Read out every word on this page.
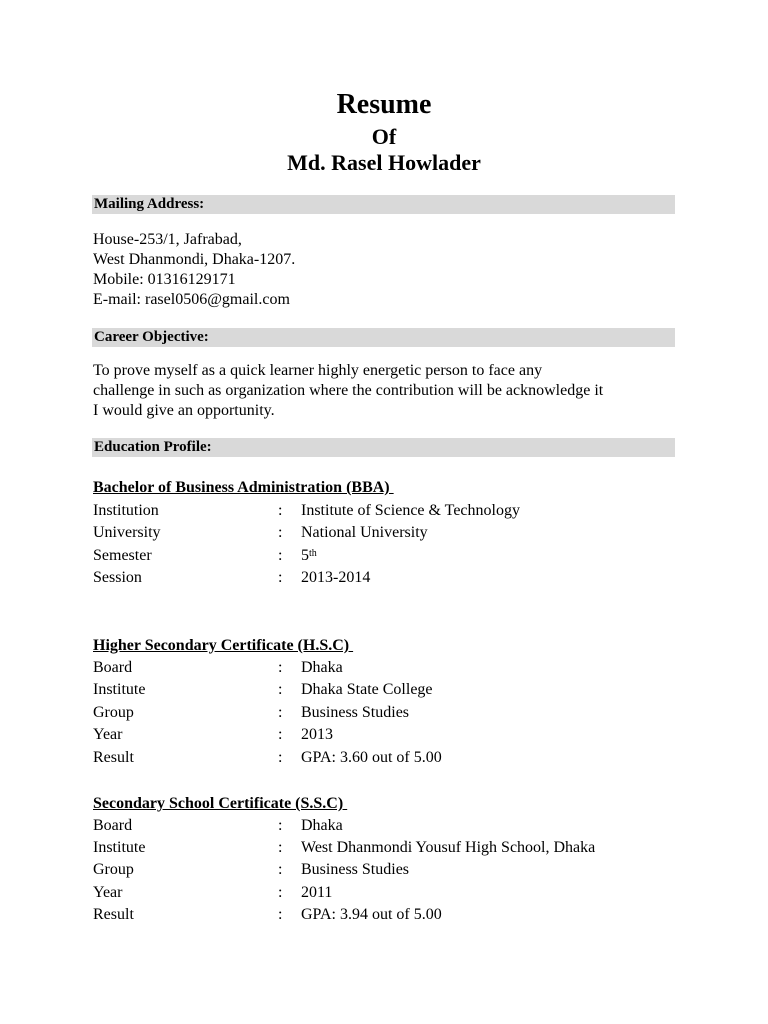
Resume
Of
Md. Rasel Howlader
Mailing Address:
House-253/1, Jafrabad,
West Dhanmondi, Dhaka-1207.
Mobile: 01316129171
E-mail: rasel0506@gmail.com
Career Objective:
To prove myself as a quick learner highly energetic person to face any
challenge in such as organization where the contribution will be acknowledge it
I would give an opportunity.
Education Profile:
Bachelor of Business Administration (BBA)
Institution	: Institute of Science & Technology
University	: National University
Semester	: 5th
Session	: 2013-2014
Higher Secondary Certificate (H.S.C)
Board	: Dhaka
Institute	: Dhaka State College
Group	: Business Studies
Year	: 2013
Result	: GPA: 3.60 out of 5.00
Secondary School Certificate (S.S.C)
Board	: Dhaka
Institute	: West Dhanmondi Yousuf High School, Dhaka
Group	: Business Studies
Year	: 2011
Result	: GPA: 3.94 out of 5.00
